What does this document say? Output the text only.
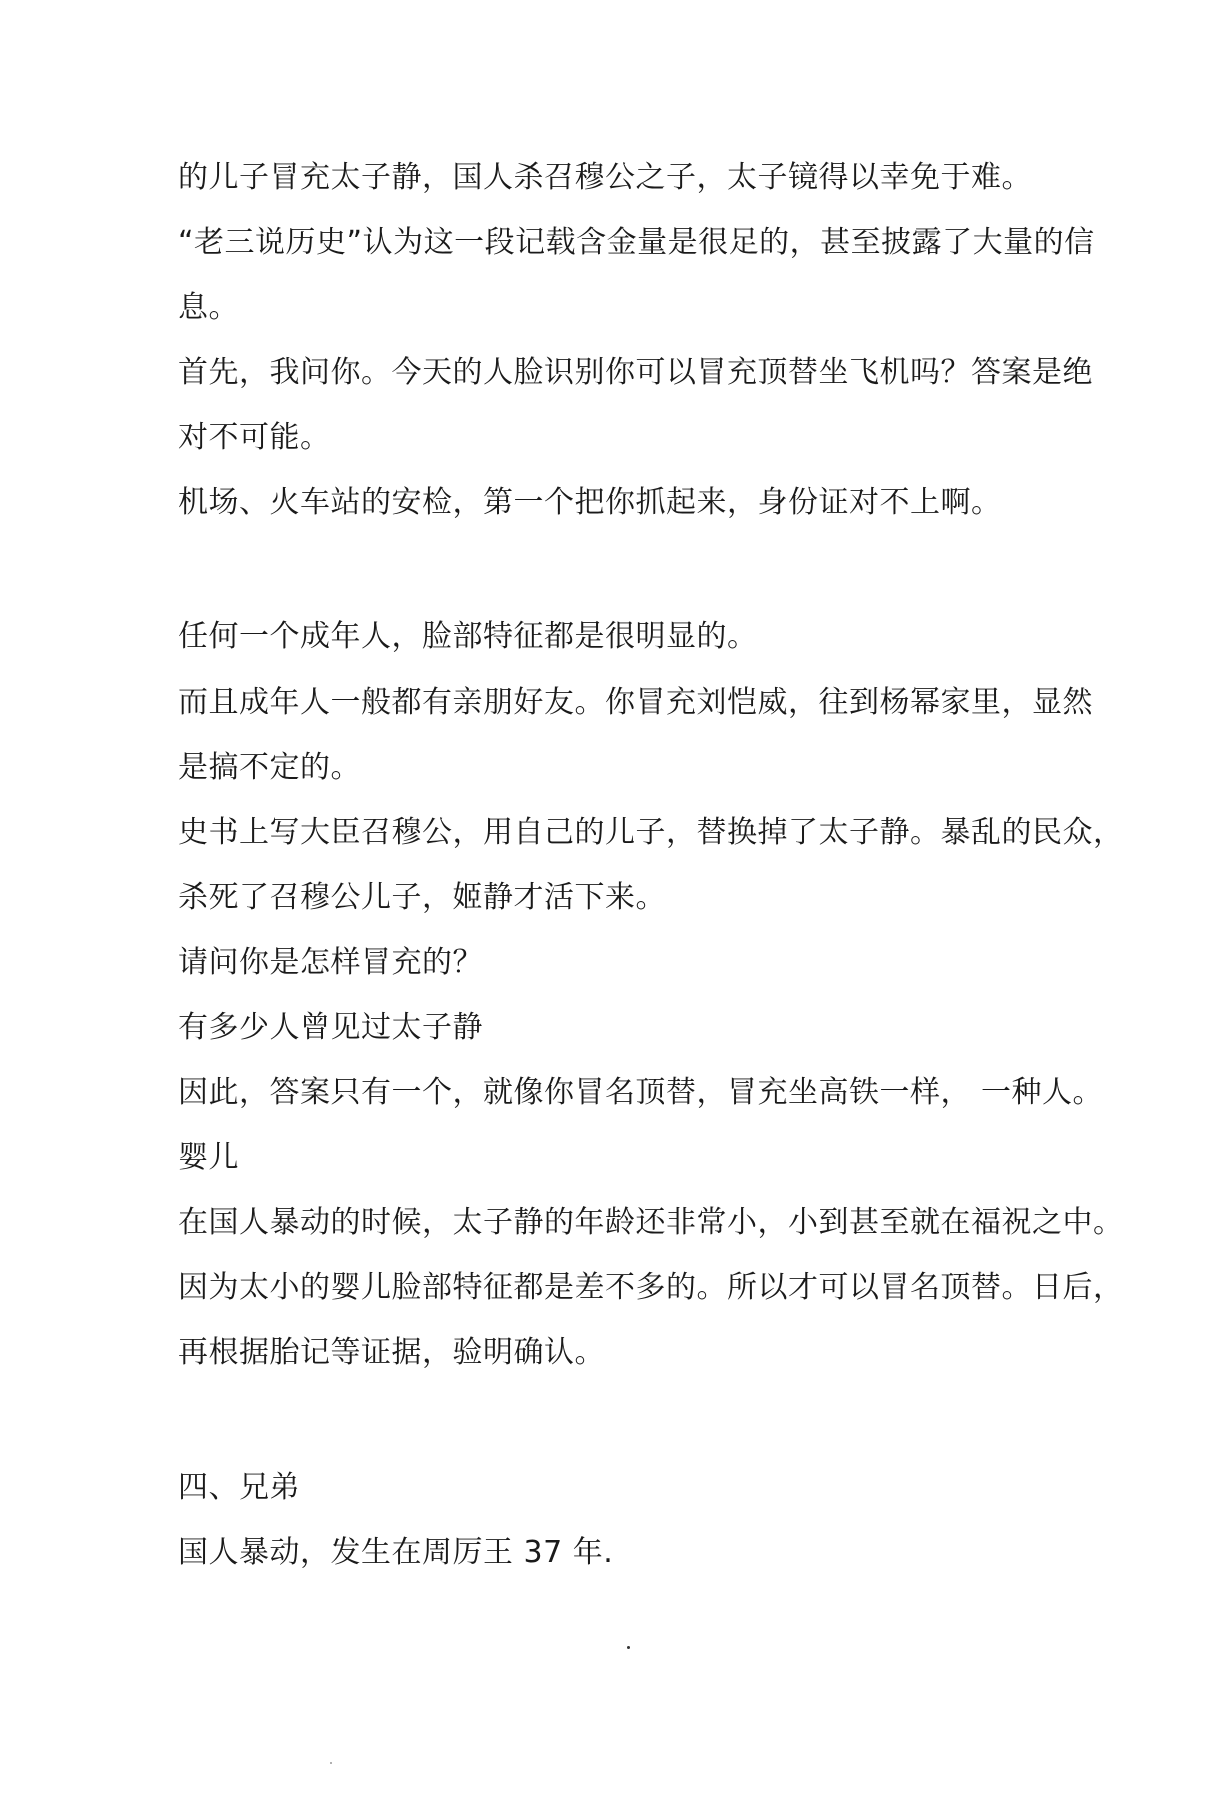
的儿子冒充太子静，国人杀召穆公之子，太子镜得以幸免于难。
“老三说历史”认为这一段记载含金量是很足的，甚至披露了大量的信
息。
首先，我问你。今天的人脸识别你可以冒充顶替坐飞机吗？答案是绝
对不可能。
机场、火车站的安检，第一个把你抓起来，身份证对不上啊。
任何一个成年人，脸部特征都是很明显的。
而且成年人一般都有亲朋好友。你冒充刘恺威，往到杨幂家里，显然
是搞不定的。
史书上写大臣召穆公，用自己的儿子，替换掉了太子静。暴乱的民众，
杀死了召穆公儿子，姬静才活下来。
请问你是怎样冒充的？
有多少人曾见过太子静
因此，答案只有一个，就像你冒名顶替，冒充坐高铁一样， 一种人。
婴儿
在国人暴动的时候，太子静的年龄还非常小，小到甚至就在福祝之中。
因为太小的婴儿脸部特征都是差不多的。所以才可以冒名顶替。日后，
再根据胎记等证据，验明确认。
四、兄弟
国人暴动，发生在周厉王 37 年.
